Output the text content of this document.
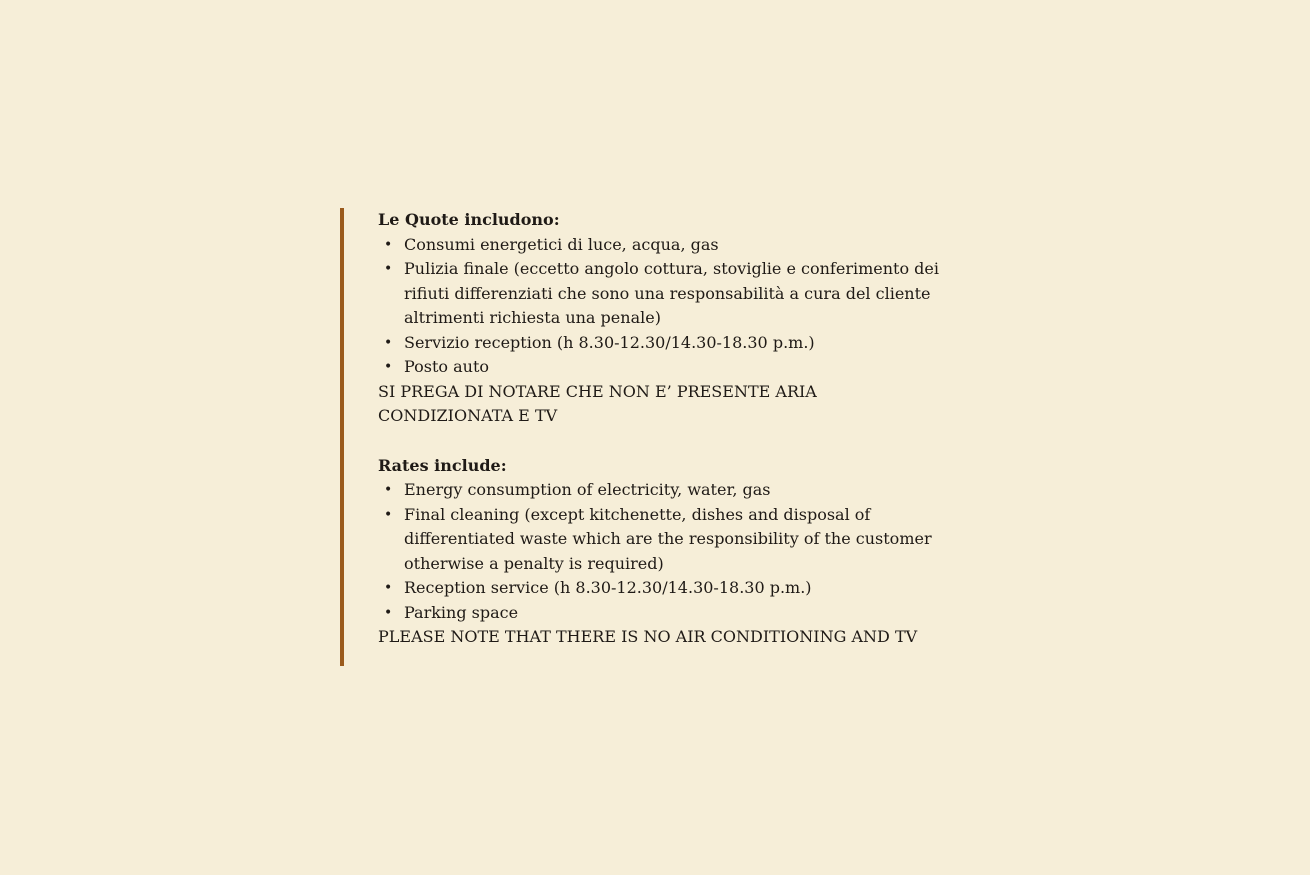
Le Quote includono:

• Consumi energetici di luce, acqua, gas
• Pulizia finale (eccetto angolo cottura, stoviglie e conferimento dei rifiuti differenziati che sono una responsabilità a cura del cliente altrimenti richiesta una penale)
• Servizio reception (h 8.30-12.30/14.30-18.30 p.m.)
• Posto auto

SI PREGA DI NOTARE CHE NON E’ PRESENTE ARIA CONDIZIONATA E TV

Rates include:

• Energy consumption of electricity, water, gas
• Final cleaning (except kitchenette, dishes and disposal of differentiated waste which are the responsibility of the customer otherwise a penalty is required)
• Reception service (h 8.30-12.30/14.30-18.30 p.m.)
• Parking space

PLEASE NOTE THAT THERE IS NO AIR CONDITIONING AND TV
